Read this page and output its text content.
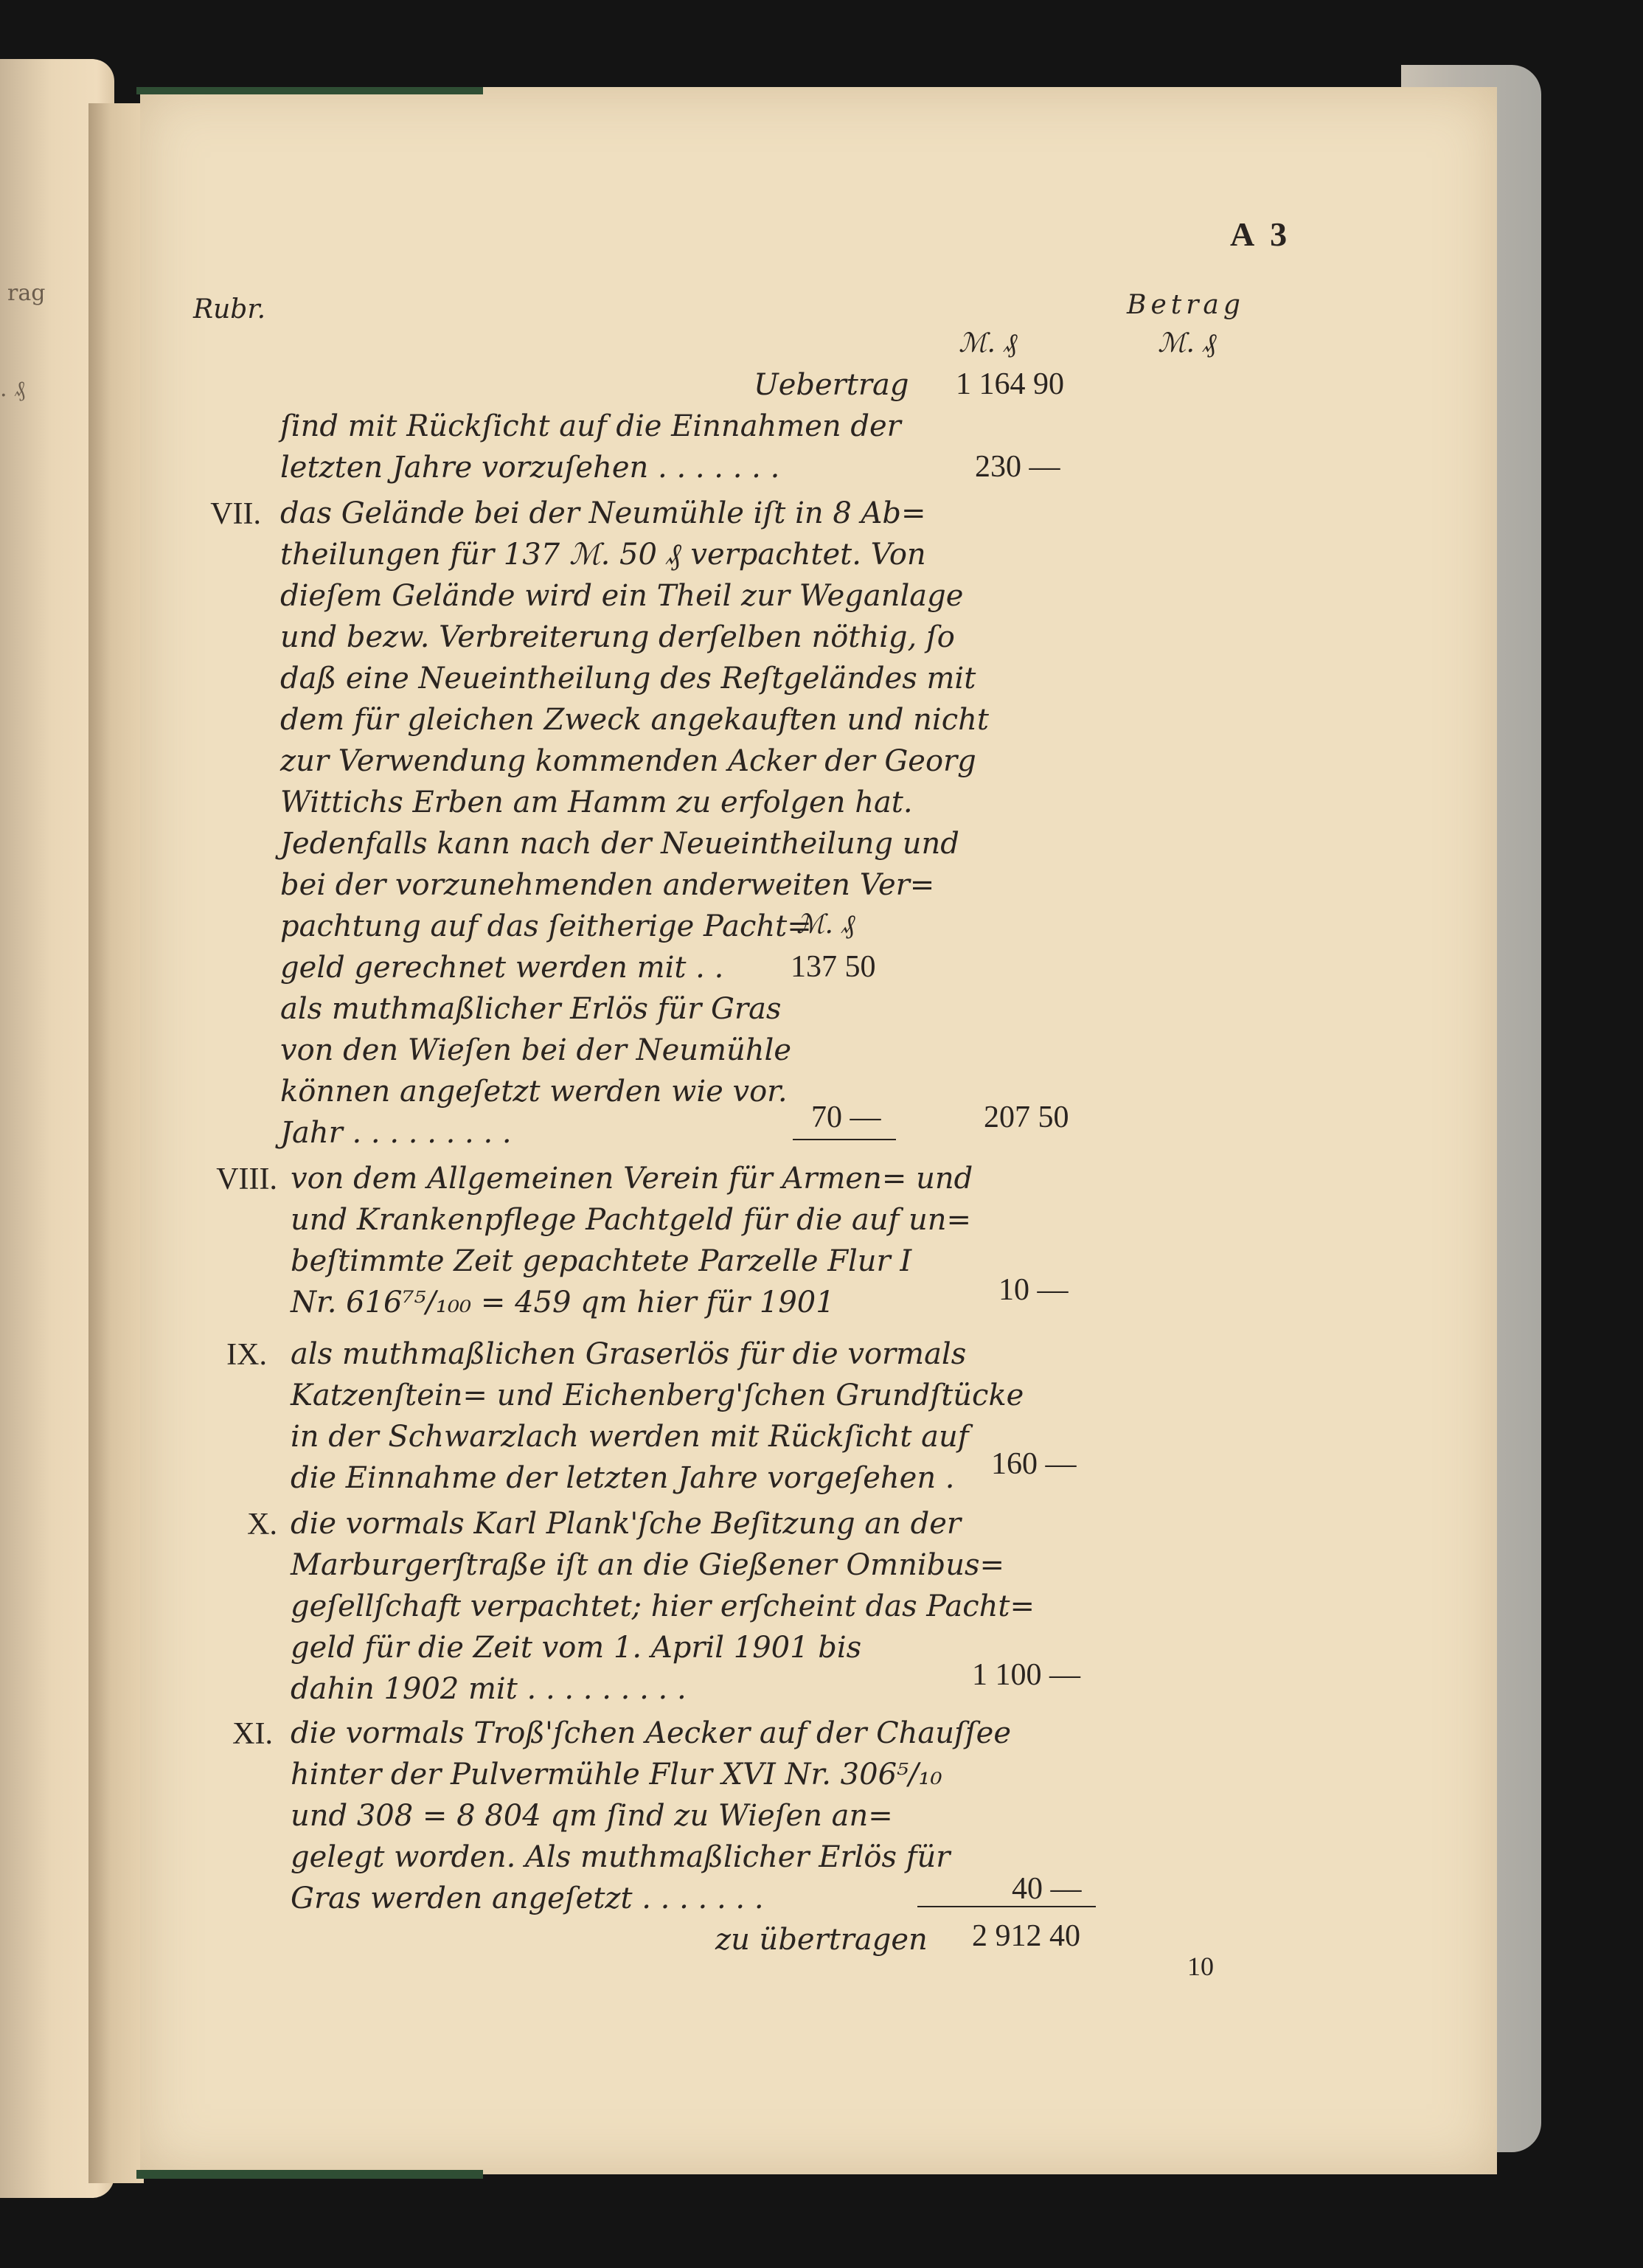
rag
. ₰
A 3
Rubr.	Betrag
ℳ. ₰	ℳ. ₰
Uebertrag 1 164 90
ſind mit Rückſicht auf die Einnahmen der
letzten Jahre vorzuſehen . . . . . . .	230 —
VII. das Gelände bei der Neumühle iſt in 8 Ab=
theilungen für 137 ℳ. 50 ₰ verpachtet. Von
dieſem Gelände wird ein Theil zur Weganlage
und bezw. Verbreiterung derſelben nöthig, ſo
daß eine Neueintheilung des Reſtgeländes mit
dem für gleichen Zweck angekauften und nicht
zur Verwendung kommenden Acker der Georg
Wittichs Erben am Hamm zu erfolgen hat.
Jedenfalls kann nach der Neueintheilung und
bei der vorzunehmenden anderweiten Ver=
pachtung auf das ſeitherige Pacht=
ℳ. ₰
geld gerechnet werden mit . . 137 50
als muthmaßlicher Erlös für Gras
von den Wieſen bei der Neumühle
können angeſetzt werden wie vor.
Jahr . . . . . . . . .	70 —	207 50
VIII. von dem Allgemeinen Verein für Armen= und
und Krankenpflege Pachtgeld für die auf un=
beſtimmte Zeit gepachtete Parzelle Flur I
Nr. 616⁷⁵/₁₀₀ = 459 qm hier für 1901	10 —
IX. als muthmaßlichen Graserlös für die vormals
Katzenſtein= und Eichenberg'ſchen Grundſtücke
in der Schwarzlach werden mit Rückſicht auf
die Einnahme der letzten Jahre vorgeſehen . 160 —
X. die vormals Karl Plank'ſche Beſitzung an der
Marburgerſtraße iſt an die Gießener Omnibus=
geſellſchaft verpachtet; hier erſcheint das Pacht=
geld für die Zeit vom 1. April 1901 bis
dahin 1902 mit . . . . . . . . .	1 100 —
XI. die vormals Troß'ſchen Aecker auf der Chauſſee
hinter der Pulvermühle Flur XVI Nr. 306⁵/₁₀
und 308 = 8 804 qm ſind zu Wieſen an=
gelegt worden. Als muthmaßlicher Erlös für
Gras werden angeſetzt . . . . . . .	40 —
zu übertragen 2 912 40
10
